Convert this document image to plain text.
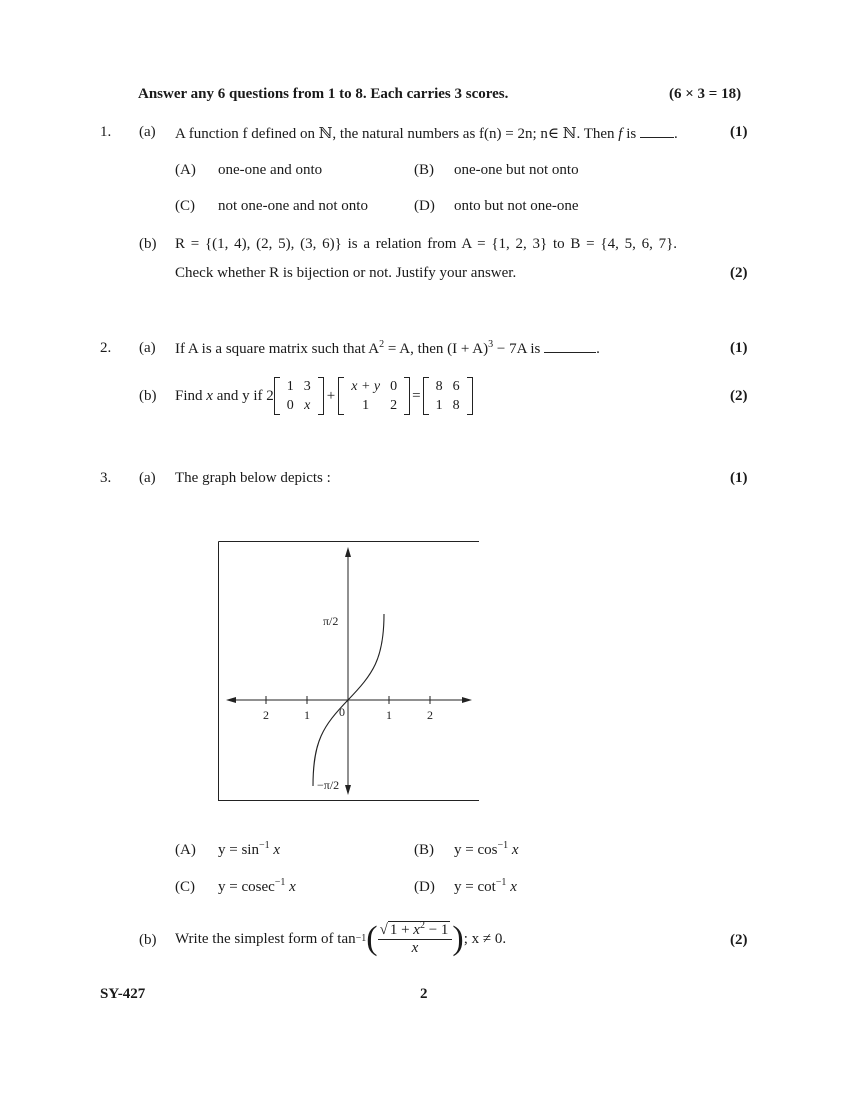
Answer any 6 questions from 1 to 8. Each carries 3 scores.	(6 × 3 = 18)
1. (a) A function f defined on ℕ, the natural numbers as f(n) = 2n; n∈ ℕ. Then f is	.	(1)
(A) one-one and onto	(B) one-one but not onto
(C) not one-one and not onto	(D) onto but not one-one
(b) R = {(1, 4), (2, 5), (3, 6)} is a relation from A = {1, 2, 3} to B = {4, 5, 6, 7}.
Check whether R is bijection or not. Justify your answer.	(2)
2. (a) If A is a square matrix such that $A^2 = A$, then $(I + A)^3 - 7A$ is	.	(1)
(b) Find
x
and y if 2
1	3
0	x
+
x + y	0
1	2
=
8	6
1	8
(2)
3. (a) The graph below depicts :	(1)
π/2
−π/2
2	1 0	1	2
(A) $y = \sin^{-1} x$	(B) $y = \cos^{-1} x$
(C) y = cosec$^{-1}$ x	(D) $y = \cot^{-1} x$
(b) Write the simplest form of tan −1 ( $\frac{√ 1 + x^2 - 1}{x}$ ) ; x ≠ 0.	(2)
SY-427	2
